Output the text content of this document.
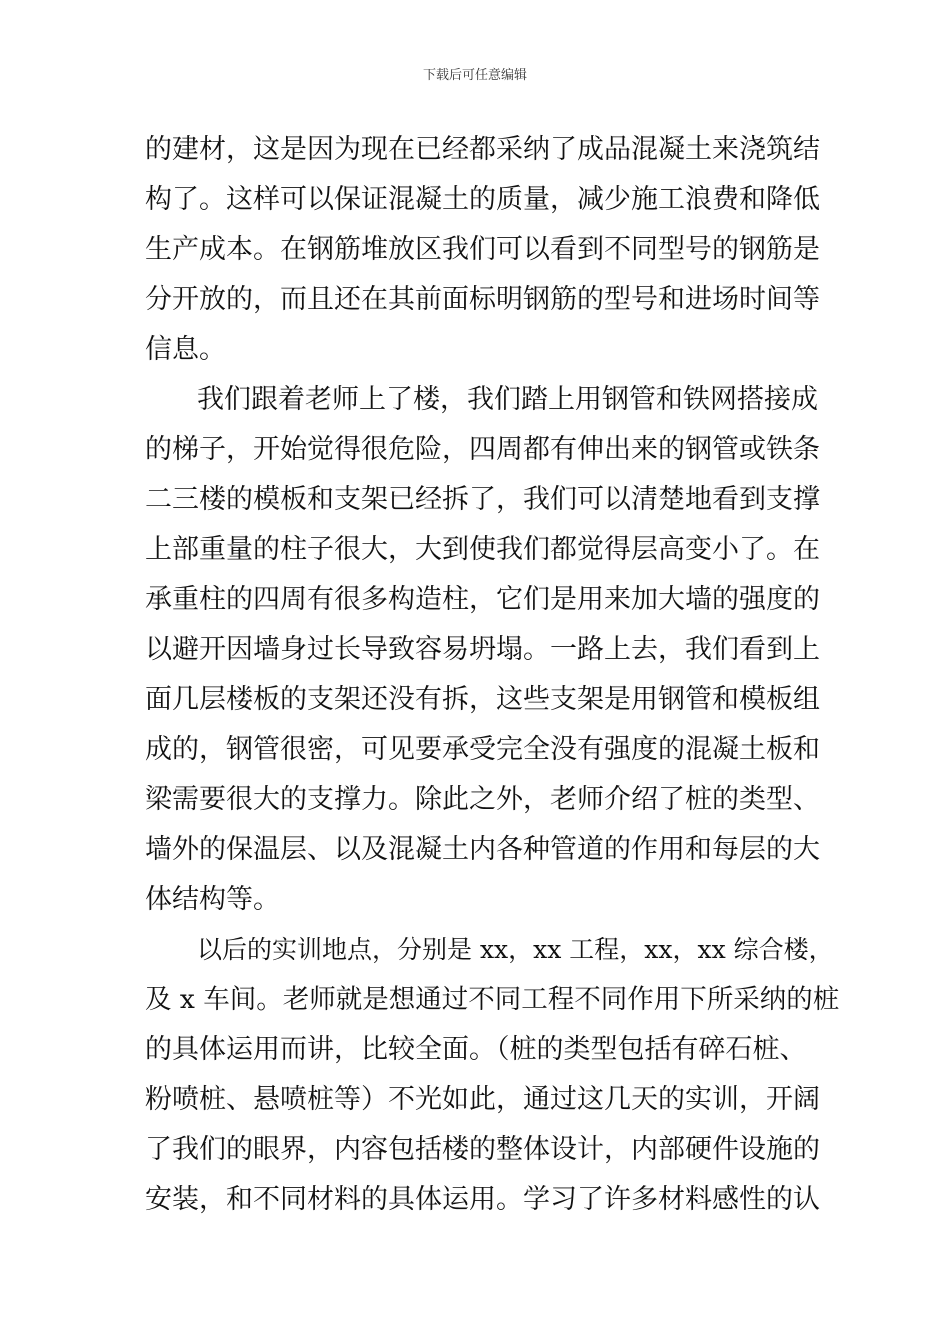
下载后可任意编辑
的建材，这是因为现在已经都采纳了成品混凝土来浇筑结
构了。这样可以保证混凝土的质量，减少施工浪费和降低
生产成本。在钢筋堆放区我们可以看到不同型号的钢筋是
分开放的，而且还在其前面标明钢筋的型号和进场时间等
信息。
我们跟着老师上了楼，我们踏上用钢管和铁网搭接成
的梯子，开始觉得很危险，四周都有伸出来的钢管或铁条
二三楼的模板和支架已经拆了，我们可以清楚地看到支撑
上部重量的柱子很大，大到使我们都觉得层高变小了。在
承重柱的四周有很多构造柱，它们是用来加大墙的强度的
以避开因墙身过长导致容易坍塌。一路上去，我们看到上
面几层楼板的支架还没有拆，这些支架是用钢管和模板组
成的，钢管很密，可见要承受完全没有强度的混凝土板和
梁需要很大的支撑力。除此之外，老师介绍了桩的类型、
墙外的保温层、以及混凝土内各种管道的作用和每层的大
体结构等。
以后的实训地点，分别是 xx，xx 工程，xx，xx 综合楼，
及 x 车间。老师就是想通过不同工程不同作用下所采纳的桩
的具体运用而讲，比较全面。（桩的类型包括有碎石桩、
粉喷桩、悬喷桩等）不光如此，通过这几天的实训，开阔
了我们的眼界，内容包括楼的整体设计，内部硬件设施的
安装，和不同材料的具体运用。学习了许多材料感性的认
